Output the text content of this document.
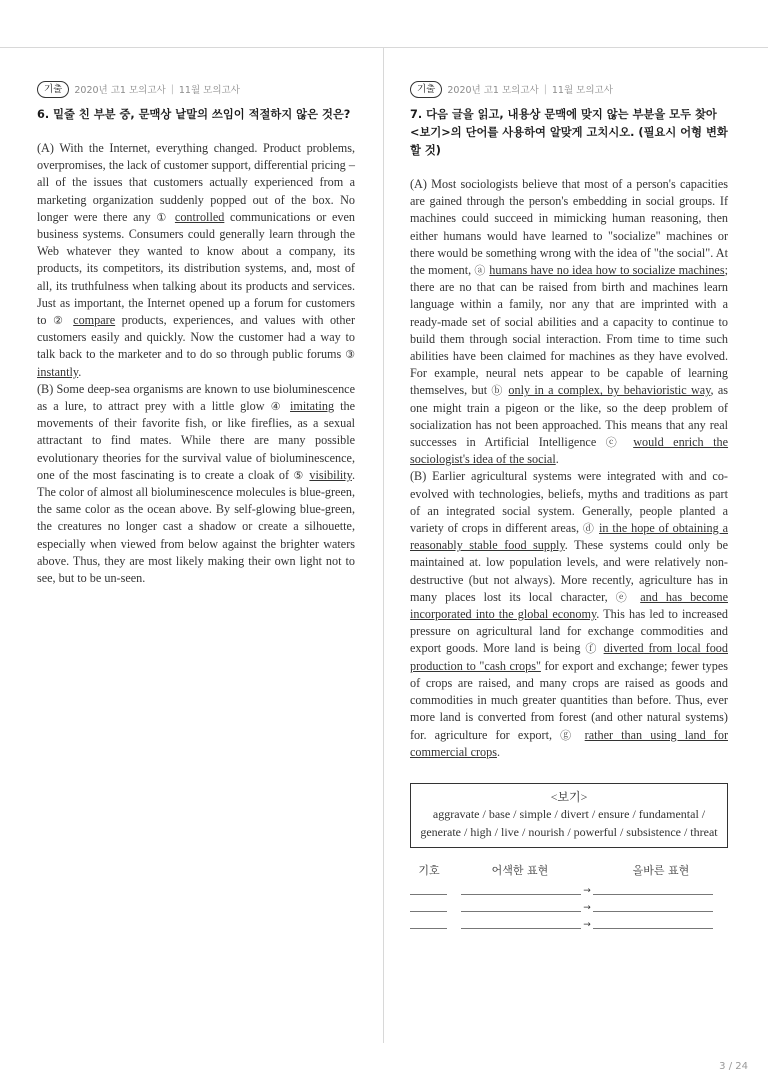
기출	2020년 고1 모의고사 | 11월 모의고사
6. 밑줄 친 부분 중, 문맥상 낱말의 쓰임이 적절하지 않은 것은?

(A) With the Internet, everything changed. Product problems, overpromises, the lack of customer support, differential pricing – all of the issues that customers actually experienced from a marketing organization suddenly popped out of the box. No longer were there any ① controlled communications or even business systems. Consumers could generally learn through the Web whatever they wanted to know about a company, its products, its competitors, its distribution systems, and, most of all, its truthfulness when talking about its products and services. Just as important, the Internet opened up a forum for customers to ② compare products, experiences, and values with other customers easily and quickly. Now the customer had a way to talk back to the marketer and to do so through public forums ③ instantly.

(B) Some deep-sea organisms are known to use bioluminescence as a lure, to attract prey with a little glow ④ imitating the movements of their favorite fish, or like fireflies, as a sexual attractant to find mates. While there are many possible evolutionary theories for the survival value of bioluminescence, one of the most fascinating is to create a cloak of ⑤ visibility. The color of almost all bioluminescence molecules is blue-green, the same color as the ocean above. By self-glowing blue-green, the creatures no longer cast a shadow or create a silhouette, especially when viewed from below against the brighter waters above. Thus, they are most likely making their own light not to see, but to be un-seen.

기출	2020년 고1 모의고사 | 11월 모의고사
7. 다음 글을 읽고, 내용상 문맥에 맞지 않는 부분을 모두 찾아 <보기>의 단어를 사용하여 알맞게 고치시오. (필요시 어형 변화 할 것)

(A) Most sociologists believe that most of a person's capacities are gained through the person's embedding in social groups. If machines could succeed in mimicking human reasoning, then either humans would have learned to "socialize" machines or there would be something wrong with the idea of "the social". At the moment, ⓐ humans have no idea how to socialize machines; there are no that can be raised from birth and machines learn language within a family, nor any that are imprinted with a ready-made set of social abilities and a capacity to continue to build them through social interaction. From time to time such abilities have been claimed for machines as they have evolved. For example, neural nets appear to be capable of learning themselves, but ⓑ only in a complex, by behavioristic way, as one might train a pigeon or the like, so the deep problem of socialization has not been approached. This means that any real successes in Artificial Intelligence ⓒ would enrich the sociologist's idea of the social.

(B) Earlier agricultural systems were integrated with and co-evolved with technologies, beliefs, myths and traditions as part of an integrated social system. Generally, people planted a variety of crops in different areas, ⓓ in the hope of obtaining a reasonably stable food supply. These systems could only be maintained at. low population levels, and were relatively non-destructive (but not always). More recently, agriculture has in many places lost its local character, ⓔ and has become incorporated into the global economy. This has led to increased pressure on agricultural land for exchange commodities and export goods. More land is being ⓕ diverted from local food production to "cash crops" for export and exchange; fewer types of crops are raised, and many crops are raised as goods and commodities in much greater quantities than before. Thus, ever more land is converted from forest (and other natural systems) for. agriculture for export, ⓖ rather than using land for commercial crops.

<보기>
aggravate / base / simple / divert / ensure / fundamental / generate / high / live / nourish / powerful / subsistence / threat
기호	어색한 표현	올바른 표현
→
→
→
3 / 24
